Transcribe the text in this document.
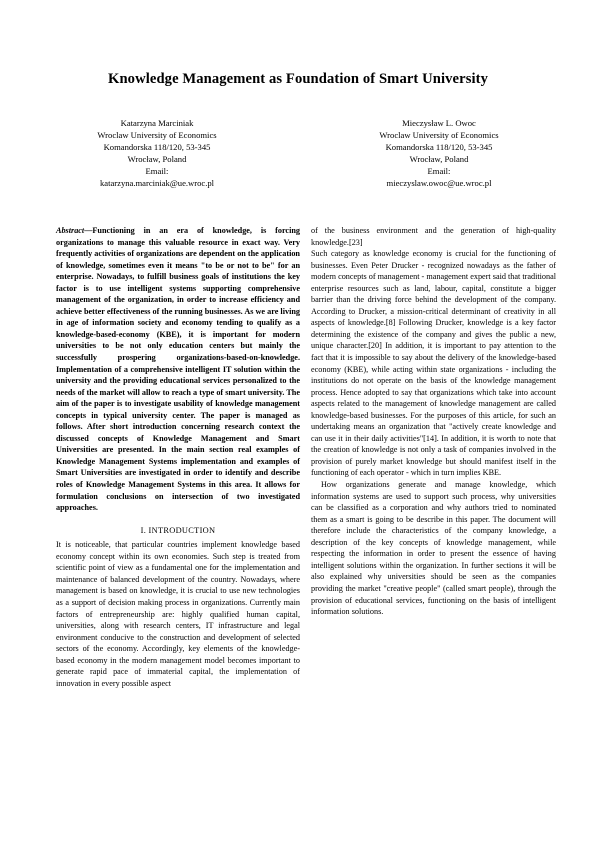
Knowledge Management as Foundation of Smart University
Katarzyna Marciniak
Wroclaw University of Economics
Komandorska 118/120, 53-345
Wrocław, Poland
Email:
katarzyna.marciniak@ue.wroc.pl
Mieczysław L. Owoc
Wroclaw University of Economics
Komandorska 118/120, 53-345
Wrocław, Poland
Email:
mieczyslaw.owoc@ue.wroc.pl

Abstract—Functioning in an era of knowledge, is forcing organizations to manage this valuable resource in exact way. Very frequently activities of organizations are dependent on the application of knowledge, sometimes even it means "to be or not to be" for an enterprise. Nowadays, to fulfill business goals of institutions the key factor is to use intelligent systems supporting comprehensive management of the organization, in order to increase efficiency and achieve better effectiveness of the running businesses. As we are living in age of information society and economy tending to qualify as a knowledge-based-economy (KBE), it is important for modern universities to be not only education centers but mainly the successfully prospering organizations-based-on-knowledge. Implementation of a comprehensive intelligent IT solution within the university and the providing educational services personalized to the needs of the market will allow to reach a type of smart university. The aim of the paper is to investigate usability of knowledge management concepts in typical university center. The paper is managed as follows. After short introduction concerning research context the discussed concepts of Knowledge Management and Smart Universities are presented. In the main section real examples of Knowledge Management Systems implementation and examples of Smart Universities are investigated in order to identify and describe roles of Knowledge Management Systems in this area. It allows for formulation conclusions on intersection of two investigated approaches.

I. INTRODUCTION

It is noticeable, that particular countries implement knowledge based economy concept within its own economies. Such step is treated from scientific point of view as a fundamental one for the implementation and maintenance of balanced development of the country. Nowadays, where management is based on knowledge, it is crucial to use new technologies as a support of decision making process in organizations. Currently main factors of entrepreneurship are: highly qualified human capital, universities, along with research centers, IT infrastructure and legal environment conducive to the construction and development of selected sectors of the economy. Accordingly, key elements of the knowledge-based economy in the modern management model becomes important to generate rapid pace of immaterial capital, the implementation of innovation in every possible aspect

of the business environment and the generation of high-quality knowledge.[23]

Such category as knowledge economy is crucial for the functioning of businesses. Even Peter Drucker - recognized nowadays as the father of modern concepts of management - management expert said that traditional enterprise resources such as land, labour, capital, constitute a bigger barrier than the driving force behind the development of the company. According to Drucker, a mission-critical determinant of creativity in all aspects of knowledge.[8] Following Drucker, knowledge is a key factor determining the existence of the company and gives the public a new, unique character.[20] In addition, it is important to pay attention to the fact that it is impossible to say about the delivery of the knowledge-based economy (KBE), while acting within state organizations - including the institutions do not operate on the basis of the knowledge management process. Hence adopted to say that organizations which take into account aspects related to the management of knowledge management are called knowledge-based businesses. For the purposes of this article, for such an undertaking means an organization that "actively create knowledge and can use it in their daily activities"[14]. In addition, it is worth to note that the creation of knowledge is not only a task of companies involved in the provision of purely market knowledge but should manifest itself in the functioning of each operator - which in turn implies KBE.

How organizations generate and manage knowledge, which information systems are used to support such process, why universities can be classified as a corporation and why authors tried to nominated them as a smart is going to be describe in this paper. The document will therefore include the characteristics of the company knowledge, a description of the key concepts of knowledge management, while respecting the information in order to present the essence of having intelligent solutions within the organization. In further sections it will be also explained why universities should be seen as the companies providing the market "creative people" (called smart people), through the provision of educational services, functioning on the basis of intelligent information solutions.
